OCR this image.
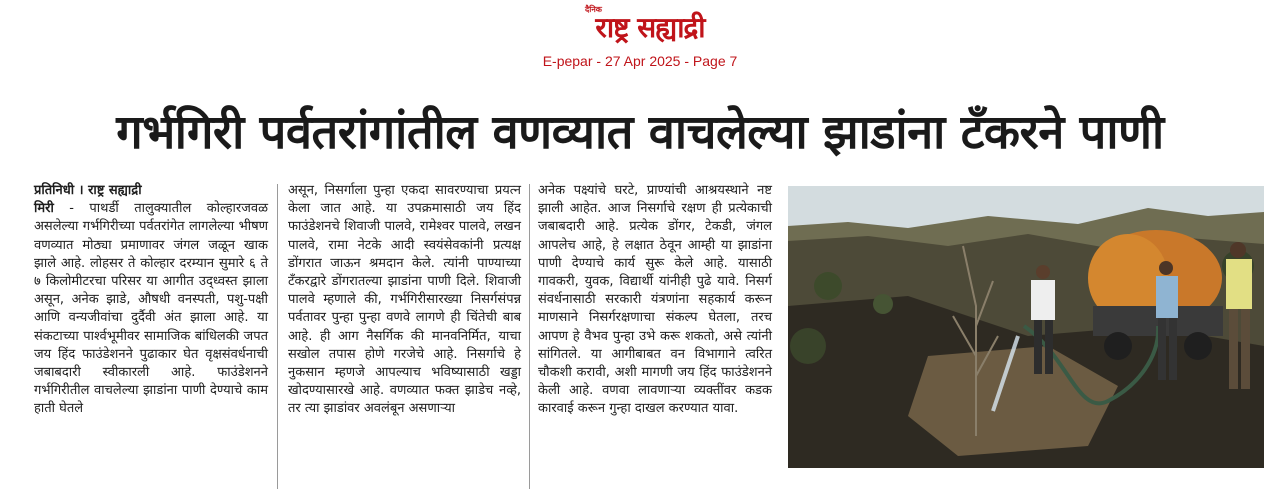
दैनिक
राष्ट्र सह्याद्री
E-pepar - 27 Apr 2025 - Page 7
गर्भगिरी पर्वतरांगांतील वणव्यात वाचलेल्या झाडांना टँकरने पाणी
प्रतिनिधी । राष्ट्र सह्याद्री

मिरी - पाथर्डी तालुक्यातील कोल्हारजवळ असलेल्या गर्भगिरीच्या पर्वतरांगेत लागलेल्या भीषण वणव्यात मोठ्या प्रमाणावर जंगल जळून खाक झाले आहे. लोहसर ते कोल्हार दरम्यान सुमारे ६ ते ७ किलोमीटरचा परिसर या आगीत उद्ध्वस्त झाला असून, अनेक झाडे, औषधी वनस्पती, पशु-पक्षी आणि वन्यजीवांचा दुर्दैवी अंत झाला आहे. या संकटाच्या पार्श्वभूमीवर सामाजिक बांधिलकी जपत जय हिंद फाउंडेशनने पुढाकार घेत वृक्षसंवर्धनाची जबाबदारी स्वीकारली आहे. फाउंडेशनने गर्भगिरीतील वाचलेल्या झाडांना पाणी देण्याचे काम हाती घेतले

असून, निसर्गाला पुन्हा एकदा सावरण्याचा प्रयत्न केला जात आहे. या उपक्रमासाठी जय हिंद फाउंडेशनचे शिवाजी पालवे, रामेश्वर पालवे, लखन पालवे, रामा नेटके आदी स्वयंसेवकांनी प्रत्यक्ष डोंगरात जाऊन श्रमदान केले. त्यांनी पाण्याच्या टँकरद्वारे डोंगरातल्या झाडांना पाणी दिले. शिवाजी पालवे म्हणाले की, गर्भगिरीसारख्या निसर्गसंपन्न पर्वतावर पुन्हा पुन्हा वणवे लागणे ही चिंतेची बाब आहे. ही आग नैसर्गिक की मानवनिर्मित, याचा सखोल तपास होणे गरजेचे आहे. निसर्गाचे हे नुकसान म्हणजे आपल्याच भविष्यासाठी खड्डा खोदण्यासारखे आहे. वणव्यात फक्त झाडेच नव्हे, तर त्या झाडांवर अवलंबून असणाऱ्या

अनेक पक्ष्यांचे घरटे, प्राण्यांची आश्रयस्थाने नष्ट झाली आहेत. आज निसर्गाचे रक्षण ही प्रत्येकाची जबाबदारी आहे. प्रत्येक डोंगर, टेकडी, जंगल आपलेच आहे, हे लक्षात ठेवून आम्ही या झाडांना पाणी देण्याचे कार्य सुरू केले आहे. यासाठी गावकरी, युवक, विद्यार्थी यांनीही पुढे यावे. निसर्ग संवर्धनासाठी सरकारी यंत्रणांना सहकार्य करून माणसाने निसर्गरक्षणाचा संकल्प घेतला, तरच आपण हे वैभव पुन्हा उभे करू शकतो, असे त्यांनी सांगितले. या आगीबाबत वन विभागाने त्वरित चौकशी करावी, अशी मागणी जय हिंद फाउंडेशनने केली आहे. वणवा लावणाऱ्या व्यक्तींवर कडक कारवाई करून गुन्हा दाखल करण्यात यावा.
